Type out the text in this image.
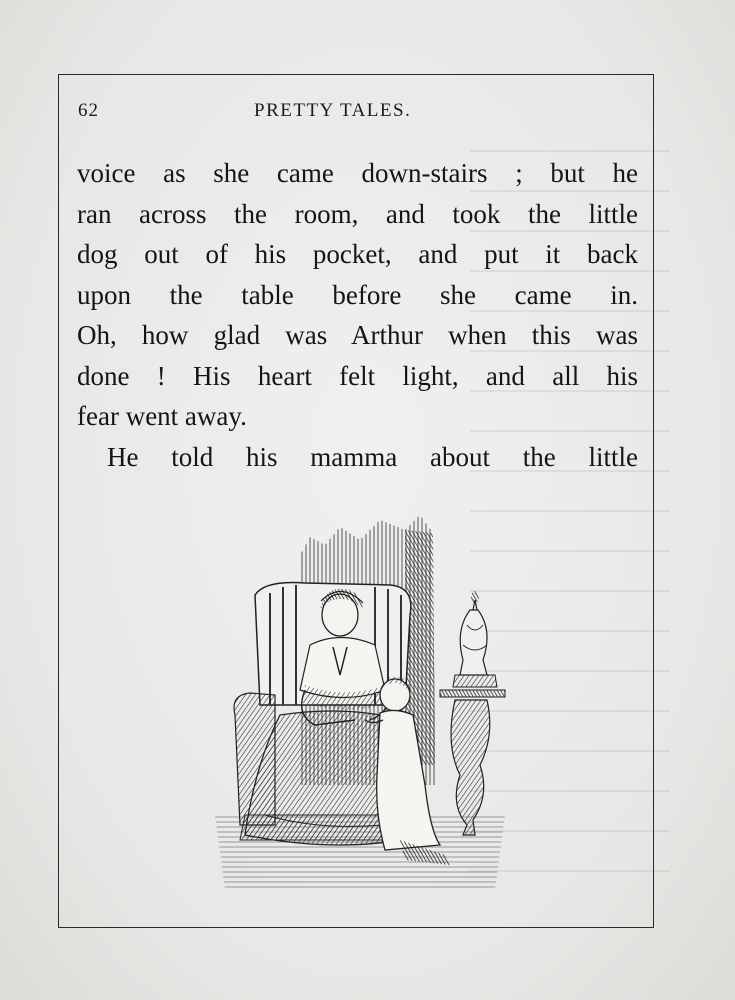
62	PRETTY TALES.
voice as she came down-stairs ; but he
ran across the room, and took the little
dog out of his pocket, and put it back
upon the table before she came in.
Oh, how glad was Arthur when this was
done ! His heart felt light, and all his
fear went away.
He told his mamma about the little
